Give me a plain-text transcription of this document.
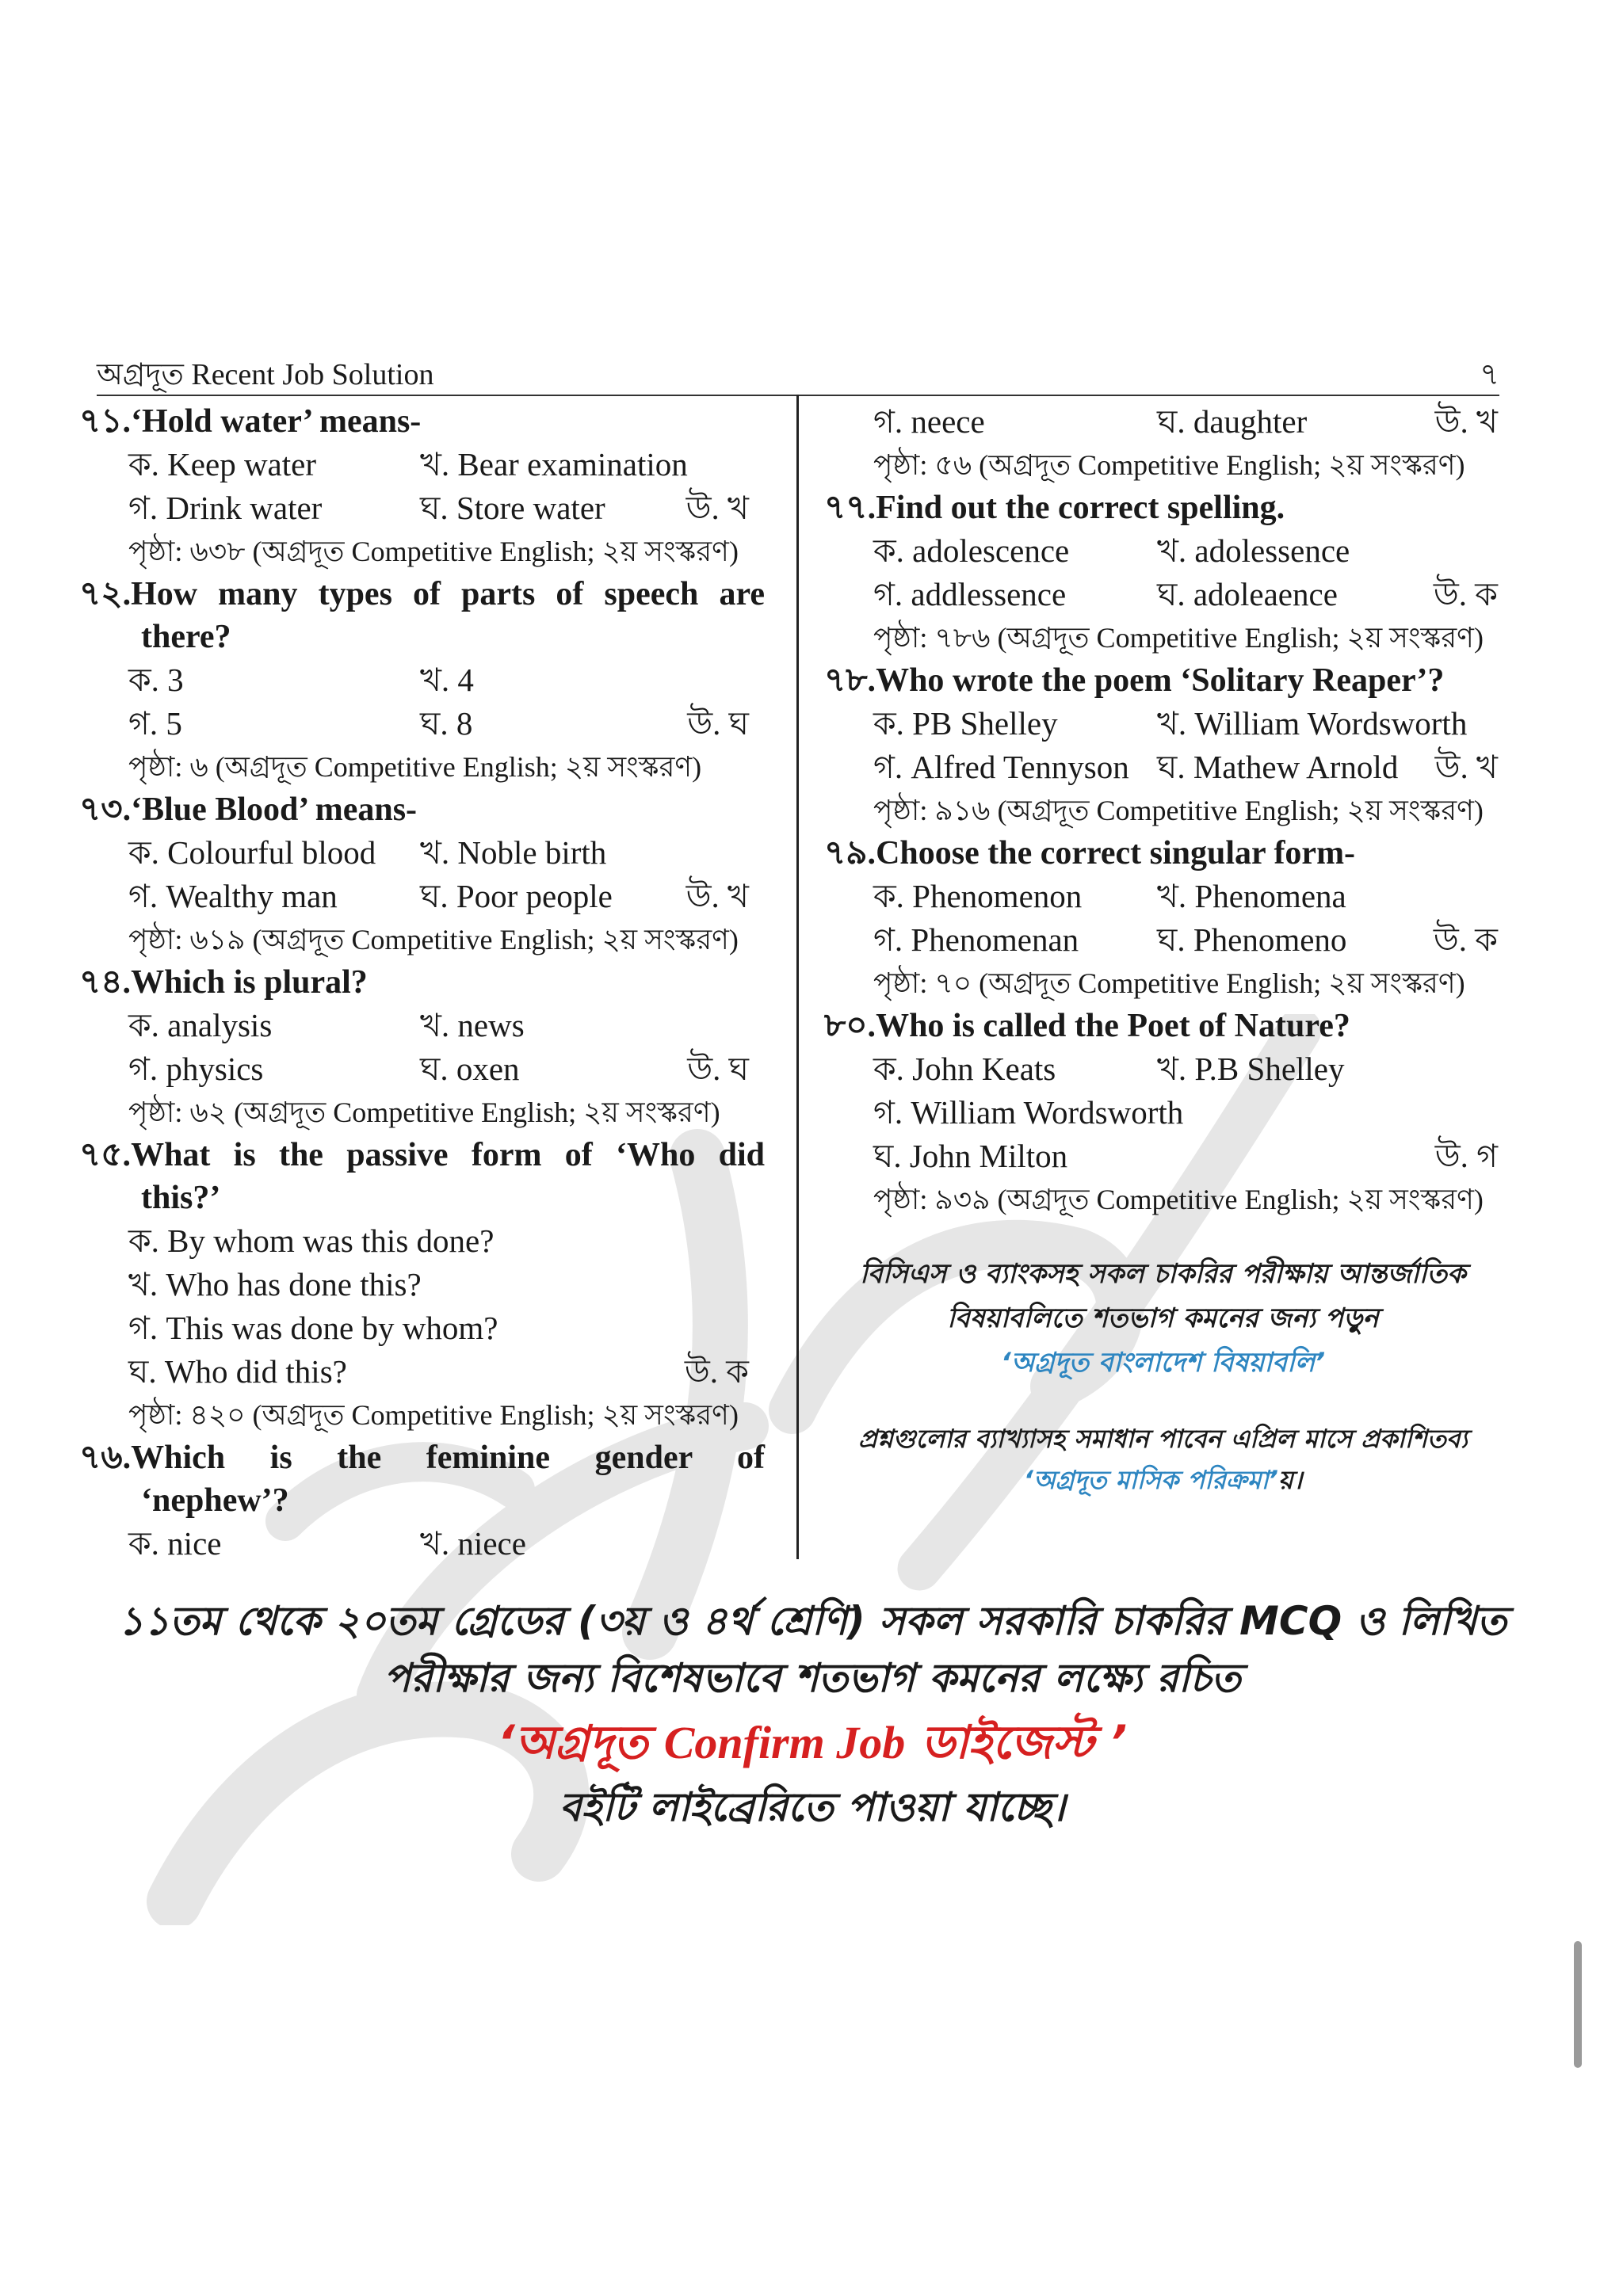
অগ্রদূত Recent Job Solution	৭
৭১.‘Hold water’ means-
ক. Keep water	খ. Bear examination
গ. Drink water	ঘ. Store water উ. খ
পৃষ্ঠা: ৬৩৮ (অগ্রদূত Competitive English; ২য় সংস্করণ)
৭২. How many types of parts of speech are
there?
ক. 3	খ. 4
গ. 5	ঘ. 8	উ. ঘ
পৃষ্ঠা: ৬ (অগ্রদূত Competitive English; ২য় সংস্করণ)
৭৩.‘Blue Blood’ means-
ক. Colourful blood খ. Noble birth
গ. Wealthy man	ঘ. Poor people উ. খ
পৃষ্ঠা: ৬১৯ (অগ্রদূত Competitive English; ২য় সংস্করণ)
৭৪.Which is plural?
ক. analysis	খ. news
গ. physics	ঘ. oxen	উ. ঘ
পৃষ্ঠা: ৬২ (অগ্রদূত Competitive English; ২য় সংস্করণ)
৭৫. What is the passive form of ‘Who did
this?’
ক. By whom was this done?
খ. Who has done this?
গ. This was done by whom?
ঘ. Who did this?	উ. ক
পৃষ্ঠা: ৪২০ (অগ্রদূত Competitive English; ২য় সংস্করণ)
৭৬. Which is the feminine gender of
‘nephew’?
ক. nice	খ. niece
গ. neece	ঘ. daughter	উ. খ
পৃষ্ঠা: ৫৬ (অগ্রদূত Competitive English; ২য় সংস্করণ)
৭৭.Find out the correct spelling.
ক. adolescence	খ. adolessence
গ. addlessence	ঘ. adoleaence	উ. ক
পৃষ্ঠা: ৭৮৬ (অগ্রদূত Competitive English; ২য় সংস্করণ)
৭৮.Who wrote the poem ‘Solitary Reaper’?
ক. PB Shelley	খ. William Wordsworth
গ. Alfred Tennyson ঘ. Mathew Arnold উ. খ
পৃষ্ঠা: ৯১৬ (অগ্রদূত Competitive English; ২য় সংস্করণ)
৭৯.Choose the correct singular form-
ক. Phenomenon খ. Phenomena
গ. Phenomenan ঘ. Phenomeno	উ. ক
পৃষ্ঠা: ৭০ (অগ্রদূত Competitive English; ২য় সংস্করণ)
৮০.Who is called the Poet of Nature?
ক. John Keats	খ. P.B Shelley
গ. William Wordsworth
ঘ. John Milton	উ. গ
পৃষ্ঠা: ৯৩৯ (অগ্রদূত Competitive English; ২য় সংস্করণ)
বিসিএস ও ব্যাংকসহ সকল চাকরির পরীক্ষায় আন্তর্জাতিক
বিষয়াবলিতে শতভাগ কমনের জন্য পড়ুন
‘অগ্রদূত বাংলাদেশ বিষয়াবলি’
প্রশ্নগুলোর ব্যাখ্যাসহ সমাধান পাবেন এপ্রিল মাসে প্রকাশিতব্য
‘অগ্রদূত মাসিক পরিক্রমা’য়।
১১তম থেকে ২০তম গ্রেডের (৩য় ও ৪র্থ শ্রেণি) সকল সরকারি চাকরির MCQ ও লিখিত
পরীক্ষার জন্য বিশেষভাবে শতভাগ কমনের লক্ষ্যে রচিত
‘অগ্রদূত Confirm Job ডাইজেস্ট ’
বইটি লাইব্রেরিতে পাওয়া যাচ্ছে।
